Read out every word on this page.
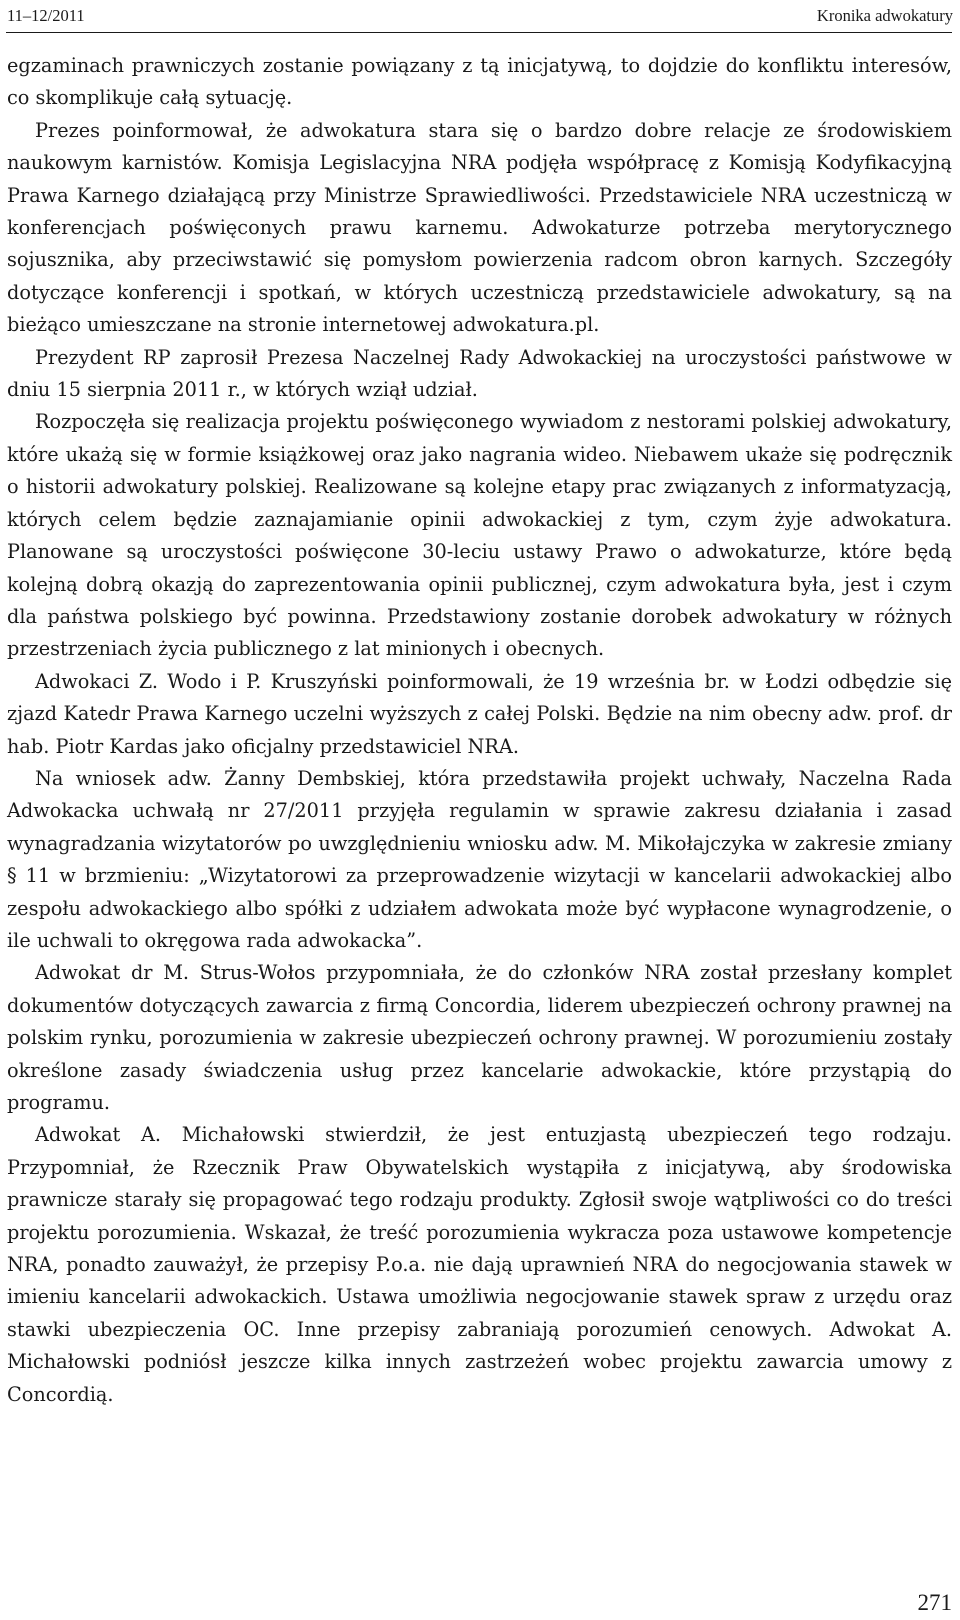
11–12/2011	Kronika adwokatury

egzaminach prawniczych zostanie powiązany z tą inicjatywą, to dojdzie do konfliktu interesów, co skomplikuje całą sytuację.

Prezes poinformował, że adwokatura stara się o bardzo dobre relacje ze środowiskiem naukowym karnistów. Komisja Legislacyjna NRA podjęła współpracę z Komisją Kodyfikacyjną Prawa Karnego działającą przy Ministrze Sprawiedliwości. Przedstawiciele NRA uczestniczą w konferencjach poświęconych prawu karnemu. Adwokaturze potrzeba merytorycznego sojusznika, aby przeciwstawić się pomysłom powierzenia radcom obron karnych. Szczegóły dotyczące konferencji i spotkań, w których uczestniczą przedstawiciele adwokatury, są na bieżąco umieszczane na stronie internetowej adwokatura.pl.

Prezydent RP zaprosił Prezesa Naczelnej Rady Adwokackiej na uroczystości państwowe w dniu 15 sierpnia 2011 r., w których wziął udział.

Rozpoczęła się realizacja projektu poświęconego wywiadom z nestorami polskiej adwokatury, które ukażą się w formie książkowej oraz jako nagrania wideo. Niebawem ukaże się podręcznik o historii adwokatury polskiej. Realizowane są kolejne etapy prac związanych z informatyzacją, których celem będzie zaznajamianie opinii adwokackiej z tym, czym żyje adwokatura. Planowane są uroczystości poświęcone 30-leciu ustawy Prawo o adwokaturze, które będą kolejną dobrą okazją do zaprezentowania opinii publicznej, czym adwokatura była, jest i czym dla państwa polskiego być powinna. Przedstawiony zostanie dorobek adwokatury w różnych przestrzeniach życia publicznego z lat minionych i obecnych.

Adwokaci Z. Wodo i P. Kruszyński poinformowali, że 19 września br. w Łodzi odbędzie się zjazd Katedr Prawa Karnego uczelni wyższych z całej Polski. Będzie na nim obecny adw. prof. dr hab. Piotr Kardas jako oficjalny przedstawiciel NRA.

Na wniosek adw. Żanny Dembskiej, która przedstawiła projekt uchwały, Naczelna Rada Adwokacka uchwałą nr 27/2011 przyjęła regulamin w sprawie zakresu działania i zasad wynagradzania wizytatorów po uwzględnieniu wniosku adw. M. Mikołajczyka w zakresie zmiany § 11 w brzmieniu: „Wizytatorowi za przeprowadzenie wizytacji w kancelarii adwokackiej albo zespołu adwokackiego albo spółki z udziałem adwokata może być wypłacone wynagrodzenie, o ile uchwali to okręgowa rada adwokacka”.

Adwokat dr M. Strus-Wołos przypomniała, że do członków NRA został przesłany komplet dokumentów dotyczących zawarcia z firmą Concordia, liderem ubezpieczeń ochrony prawnej na polskim rynku, porozumienia w zakresie ubezpieczeń ochrony prawnej. W porozumieniu zostały określone zasady świadczenia usług przez kancelarie adwokackie, które przystąpią do programu.

Adwokat A. Michałowski stwierdził, że jest entuzjastą ubezpieczeń tego rodzaju. Przypomniał, że Rzecznik Praw Obywatelskich wystąpiła z inicjatywą, aby środowiska prawnicze starały się propagować tego rodzaju produkty. Zgłosił swoje wątpliwości co do treści projektu porozumienia. Wskazał, że treść porozumienia wykracza poza ustawowe kompetencje NRA, ponadto zauważył, że przepisy P.o.a. nie dają uprawnień NRA do negocjowania stawek w imieniu kancelarii adwokackich. Ustawa umożliwia negocjowanie stawek spraw z urzędu oraz stawki ubezpieczenia OC. Inne przepisy zabraniają porozumień cenowych. Adwokat A. Michałowski podniósł jeszcze kilka innych zastrzeżeń wobec projektu zawarcia umowy z Concordią.

271
